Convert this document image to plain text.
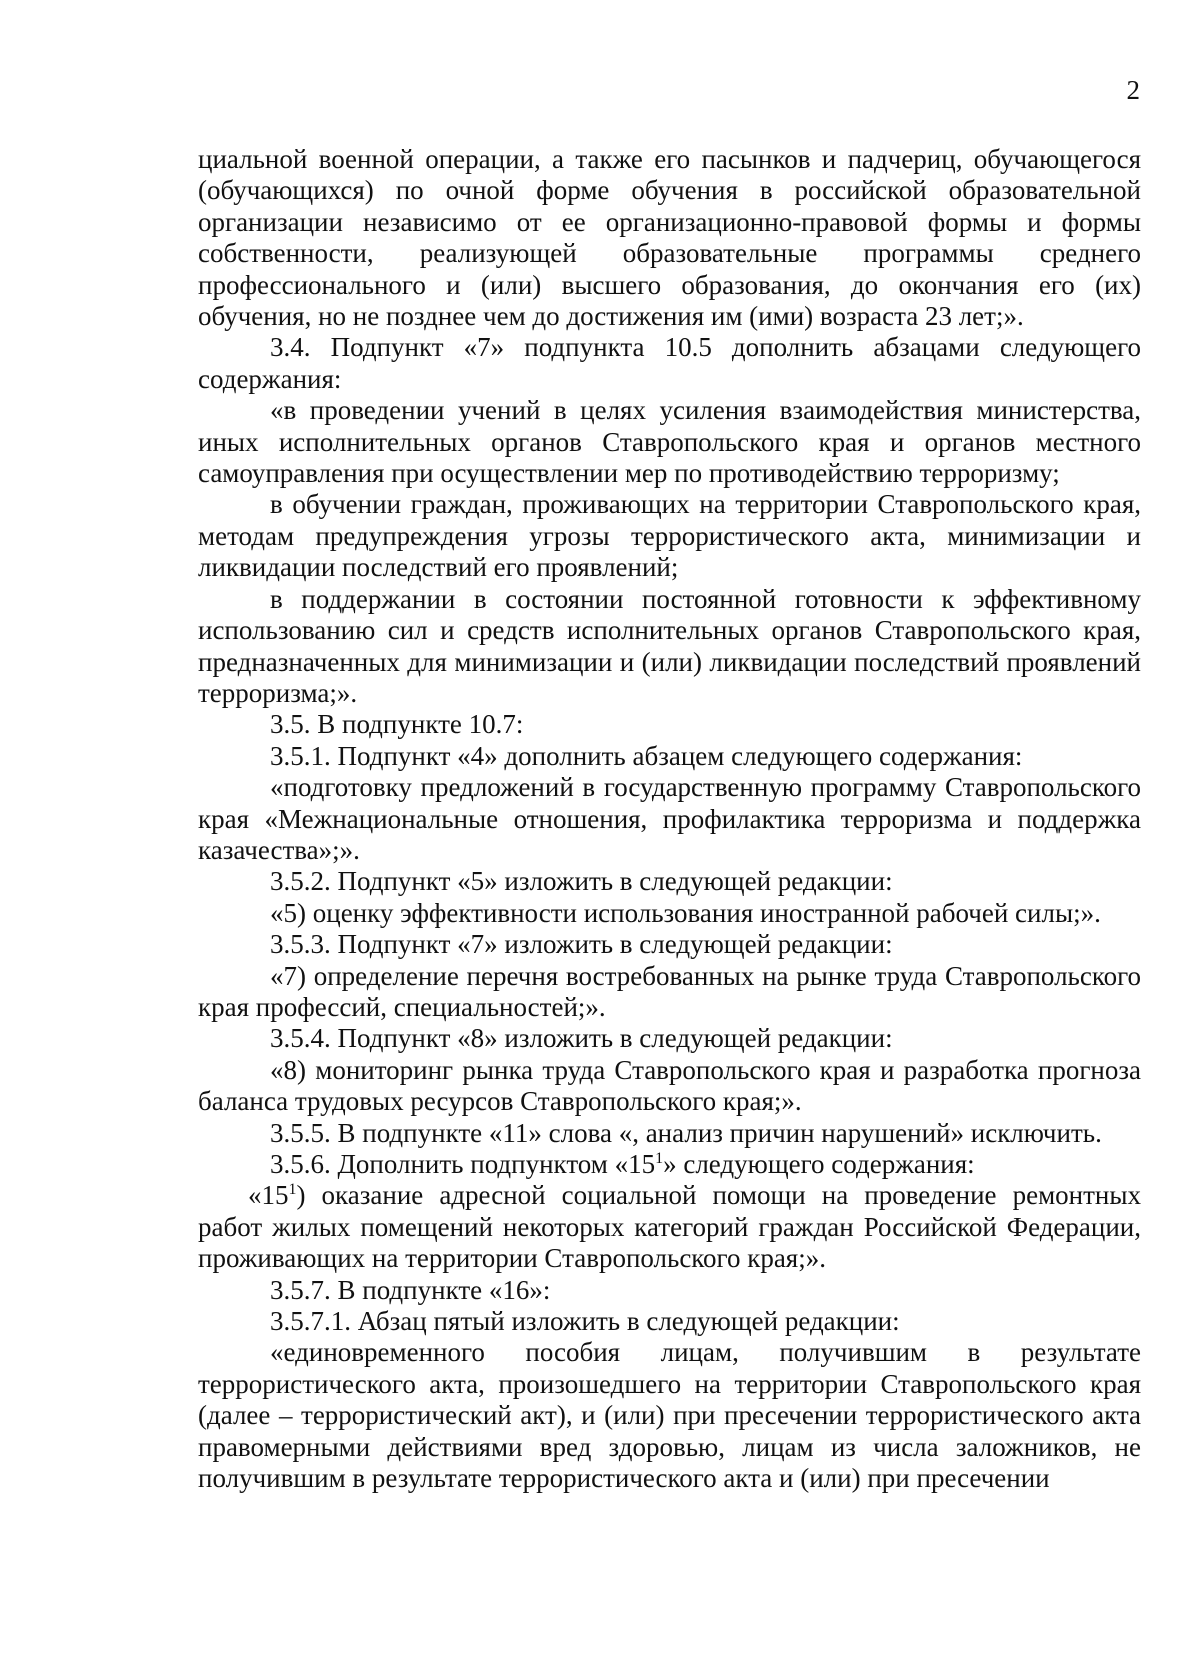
2

циальной военной операции, а также его пасынков и падчериц, обучающегося (обучающихся) по очной форме обучения в российской образовательной организации независимо от ее организационно-правовой формы и формы собственности, реализующей образовательные программы среднего профессионального и (или) высшего образования, до окончания его (их) обучения, но не позднее чем до достижения им (ими) возраста 23 лет;».

3.4. Подпункт «7» подпункта 10.5 дополнить абзацами следующего содержания:

«в проведении учений в целях усиления взаимодействия министерства, иных исполнительных органов Ставропольского края и органов местного самоуправления при осуществлении мер по противодействию терроризму;

в обучении граждан, проживающих на территории Ставропольского края, методам предупреждения угрозы террористического акта, минимизации и ликвидации последствий его проявлений;

в поддержании в состоянии постоянной готовности к эффективному использованию сил и средств исполнительных органов Ставропольского края, предназначенных для минимизации и (или) ликвидации последствий проявлений терроризма;».

3.5. В подпункте 10.7:

3.5.1. Подпункт «4» дополнить абзацем следующего содержания:

«подготовку предложений в государственную программу Ставропольского края «Межнациональные отношения, профилактика терроризма и поддержка казачества»;».

3.5.2. Подпункт «5» изложить в следующей редакции:

«5) оценку эффективности использования иностранной рабочей силы;».

3.5.3. Подпункт «7» изложить в следующей редакции:

«7) определение перечня востребованных на рынке труда Ставропольского края профессий, специальностей;».

3.5.4. Подпункт «8» изложить в следующей редакции:

«8) мониторинг рынка труда Ставропольского края и разработка прогноза баланса трудовых ресурсов Ставропольского края;».

3.5.5. В подпункте «11» слова «, анализ причин нарушений» исключить.

3.5.6. Дополнить подпунктом «$15^1$» следующего содержания:

«$15^1$) оказание адресной социальной помощи на проведение ремонтных работ жилых помещений некоторых категорий граждан Российской Федерации, проживающих на территории Ставропольского края;».

3.5.7. В подпункте «16»:

3.5.7.1. Абзац пятый изложить в следующей редакции:

«единовременного пособия лицам, получившим в результате террористического акта, произошедшего на территории Ставропольского края (далее – террористический акт), и (или) при пресечении террористического акта правомерными действиями вред здоровью, лицам из числа заложников, не получившим в результате террористического акта и (или) при пресечении
